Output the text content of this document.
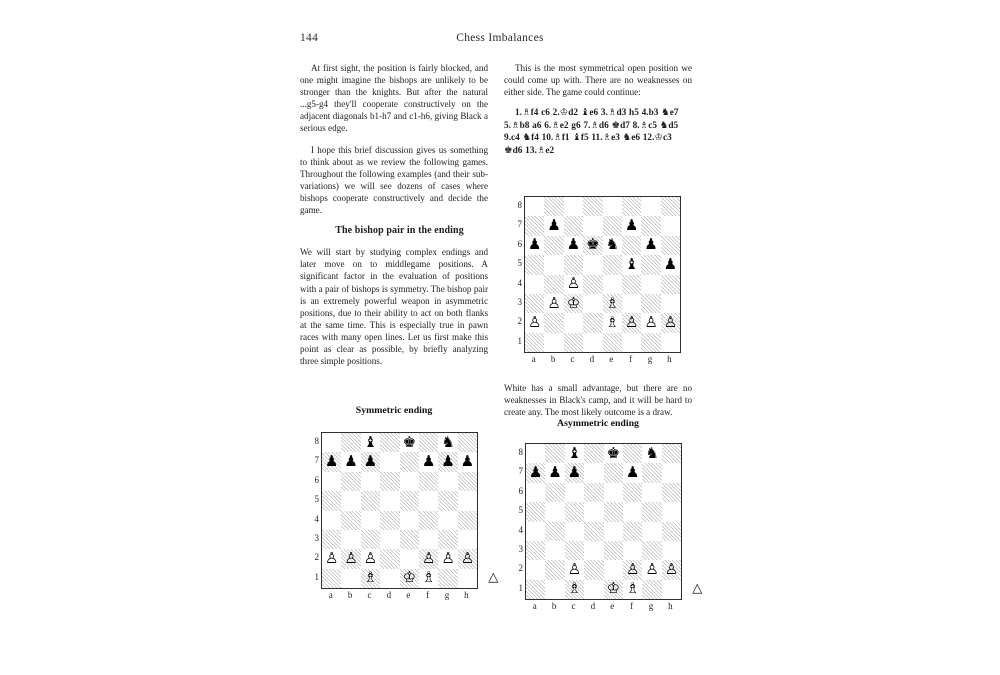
144	Chess Imbalances

At first sight, the position is fairly blocked, and one might imagine the bishops are unlikely to be stronger than the knights. But after the natural ...g5-g4 they'll cooperate constructively on the adjacent diagonals b1-h7 and c1-h6, giving Black a serious edge.

I hope this brief discussion gives us something to think about as we review the following games. Throughout the following examples (and their sub-variations) we will see dozens of cases where bishops cooperate constructively and decide the game.

The bishop pair in the ending

We will start by studying complex endings and later move on to middlegame positions. A significant factor in the evaluation of positions with a pair of bishops is symmetry. The bishop pair is an extremely powerful weapon in asymmetric positions, due to their ability to act on both flanks at the same time. This is especially true in pawn races with many open lines. Let us first make this point as clear as possible, by briefly analyzing three simple positions.

This is the most symmetrical open position we could come up with. There are no weaknesses on either side. The game could continue:

1.♗f4 c6 2.♔d2 ♝e6 3.♗d3 h5 4.b3 ♞e7 5.♗b8 a6 6.♗e2 g6 7.♗d6 ♚d7 8.♗c5 ♞d5 9.c4 ♞f4 10.♗f1 ♝f5 11.♗e3 ♞e6 12.♔c3 ♚d6 13.♗e2

White has a small advantage, but there are no weaknesses in Black's camp, and it will be hard to create any. The most likely outcome is a draw.

Asymmetric ending
Symmetric ending
8
7
6
5
4
3
2
1
♟	♟
♟ ♟ ♚ ♞ ♟
♝ ♟
♙
♙ ♔ ♗
♙	♗ ♙ ♙ ♙
a	b	c	d	e	f	g	h
8
7
6
5
4
3
2
1
♝ ♚ ♞
♟ ♟ ♟	♟ ♟ ♟
♙ ♙ ♙	♙ ♙ ♙
♗ ♔ ♗
a	b	c	d	e	f	g	h
△
8
7
6
5
4
3
2
1
♝ ♚ ♞
♟ ♟ ♟	♟
♙	♙ ♙ ♙
♗ ♔ ♗
a	b	c	d	e	f	g	h
△
